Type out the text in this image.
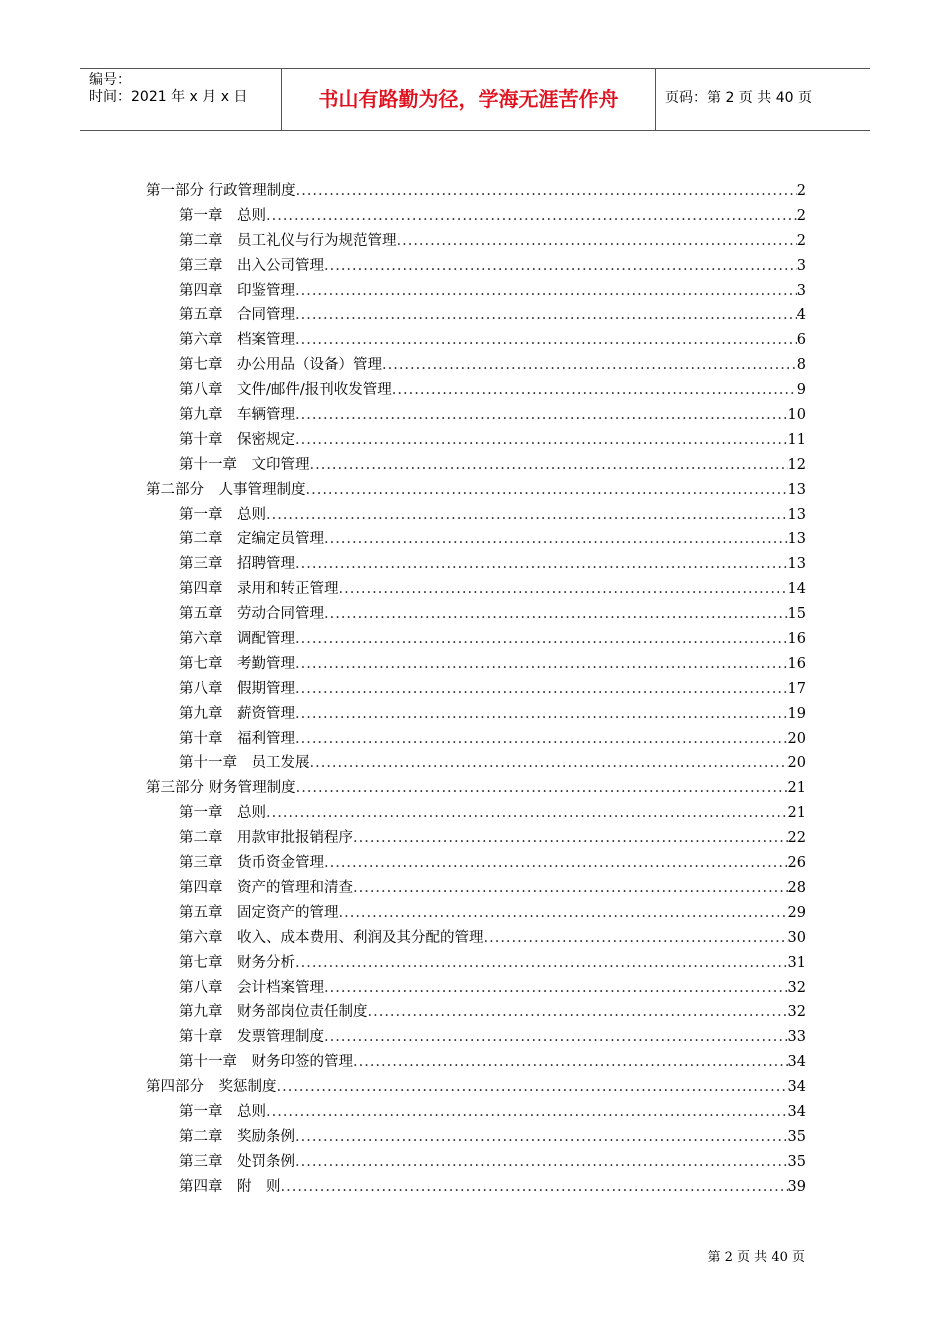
编号：
时间：2021 年 x 月 x 日	书山有路勤为径，学海无涯苦作舟	页码：第 2 页 共 40 页
第一部分 行政管理制度 .....	2
第一章　总则 .....	2
第二章　员工礼仪与行为规范管理 .....	2
第三章　出入公司管理 .....	3
第四章　印鉴管理 .....	3
第五章　合同管理 .....	4
第六章　档案管理 .....	6
第七章　办公用品（设备）管理 .....	8
第八章　文件/邮件/报刊收发管理 .....	9
第九章　车辆管理 .....	10
第十章　保密规定 .....	11
第十一章　文印管理 .....	12
第二部分　人事管理制度 .....	13
第一章　总则 .....	13
第二章　定编定员管理 .....	13
第三章　招聘管理 .....	13
第四章　录用和转正管理 .....	14
第五章　劳动合同管理 .....	15
第六章　调配管理 .....	16
第七章　考勤管理 .....	16
第八章　假期管理 .....	17
第九章　薪资管理 .....	19
第十章　福利管理 .....	20
第十一章　员工发展 .....	20
第三部分 财务管理制度 .....	21
第一章　总则 .....	21
第二章　用款审批报销程序 .....	22
第三章　货币资金管理 .....	26
第四章　资产的管理和清查 .....	28
第五章　固定资产的管理 .....	29
第六章　收入、成本费用、利润及其分配的管理 .....	30
第七章　财务分析 .....	31
第八章　会计档案管理 .....	32
第九章　财务部岗位责任制度 .....	32
第十章　发票管理制度 .....	33
第十一章　财务印签的管理 .....	34
第四部分　奖惩制度 .....	34
第一章　总则 .....	34
第二章　奖励条例 .....	35
第三章　处罚条例 .....	35
第四章　附　则 .....	39
第 2 页 共 40 页
